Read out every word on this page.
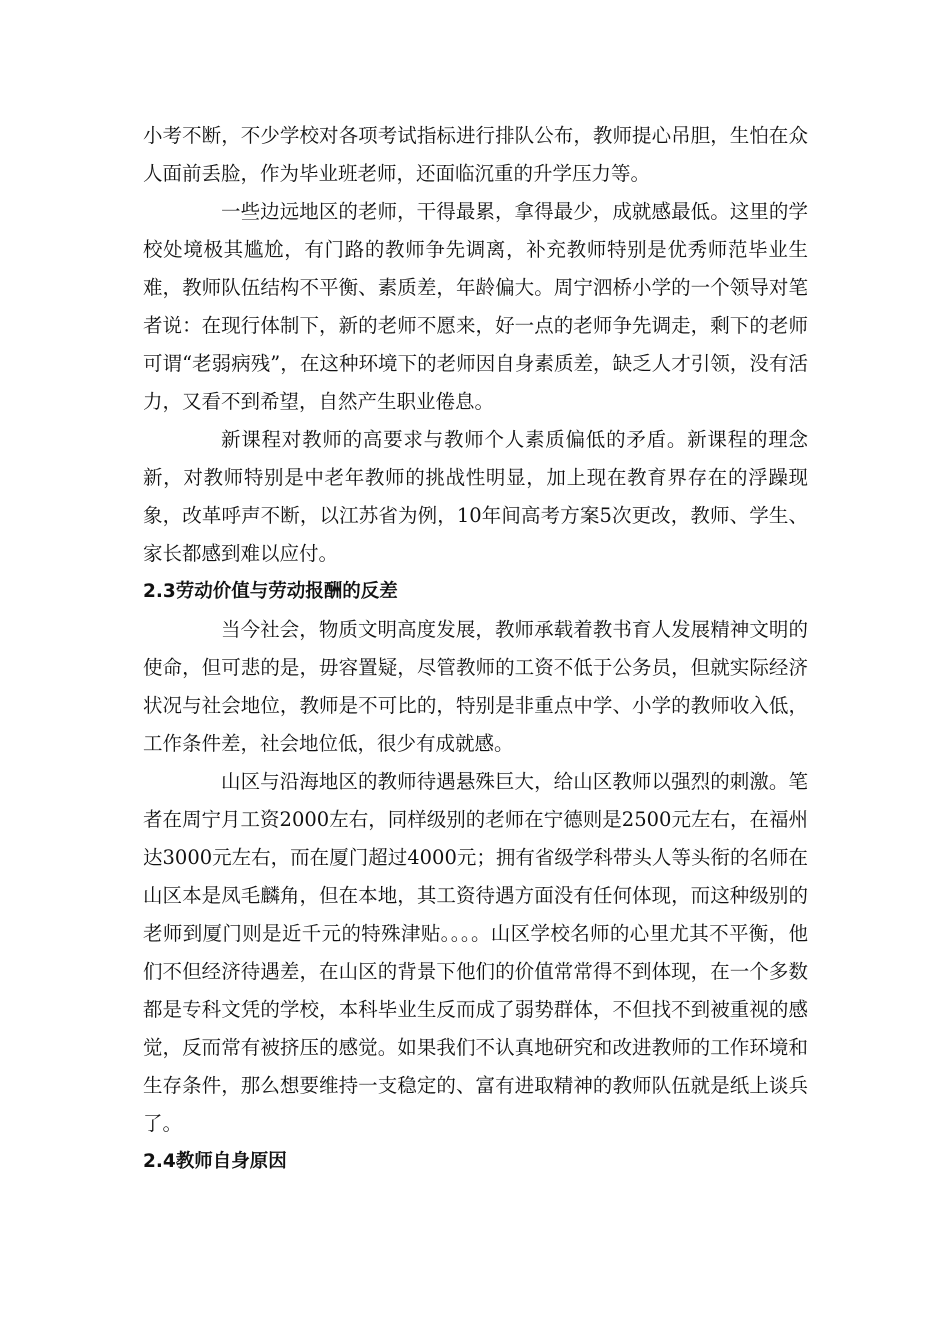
小考不断，不少学校对各项考试指标进行排队公布，教师提心吊胆，生怕在众人面前丢脸，作为毕业班老师，还面临沉重的升学压力等。

一些边远地区的老师，干得最累，拿得最少，成就感最低。这里的学校处境极其尴尬，有门路的教师争先调离，补充教师特别是优秀师范毕业生难，教师队伍结构不平衡、素质差，年龄偏大。周宁泗桥小学的一个领导对笔者说：在现行体制下，新的老师不愿来，好一点的老师争先调走，剩下的老师可谓“老弱病残”，在这种环境下的老师因自身素质差，缺乏人才引领，没有活力，又看不到希望，自然产生职业倦息。

新课程对教师的高要求与教师个人素质偏低的矛盾。新课程的理念新，对教师特别是中老年教师的挑战性明显，加上现在教育界存在的浮躁现象，改革呼声不断，以江苏省为例，10年间高考方案5次更改，教师、学生、家长都感到难以应付。

2.3劳动价值与劳动报酬的反差

当今社会，物质文明高度发展，教师承载着教书育人发展精神文明的使命，但可悲的是，毋容置疑，尽管教师的工资不低于公务员，但就实际经济状况与社会地位，教师是不可比的，特别是非重点中学、小学的教师收入低，工作条件差，社会地位低，很少有成就感。

山区与沿海地区的教师待遇悬殊巨大，给山区教师以强烈的刺激。笔者在周宁月工资2000左右，同样级别的老师在宁德则是2500元左右，在福州达3000元左右，而在厦门超过4000元；拥有省级学科带头人等头衔的名师在山区本是凤毛麟角，但在本地，其工资待遇方面没有任何体现，而这种级别的老师到厦门则是近千元的特殊津贴。。。。山区学校名师的心里尤其不平衡，他们不但经济待遇差，在山区的背景下他们的价值常常得不到体现，在一个多数都是专科文凭的学校，本科毕业生反而成了弱势群体，不但找不到被重视的感觉，反而常有被挤压的感觉。如果我们不认真地研究和改进教师的工作环境和生存条件，那么想要维持一支稳定的、富有进取精神的教师队伍就是纸上谈兵了。

2.4教师自身原因
